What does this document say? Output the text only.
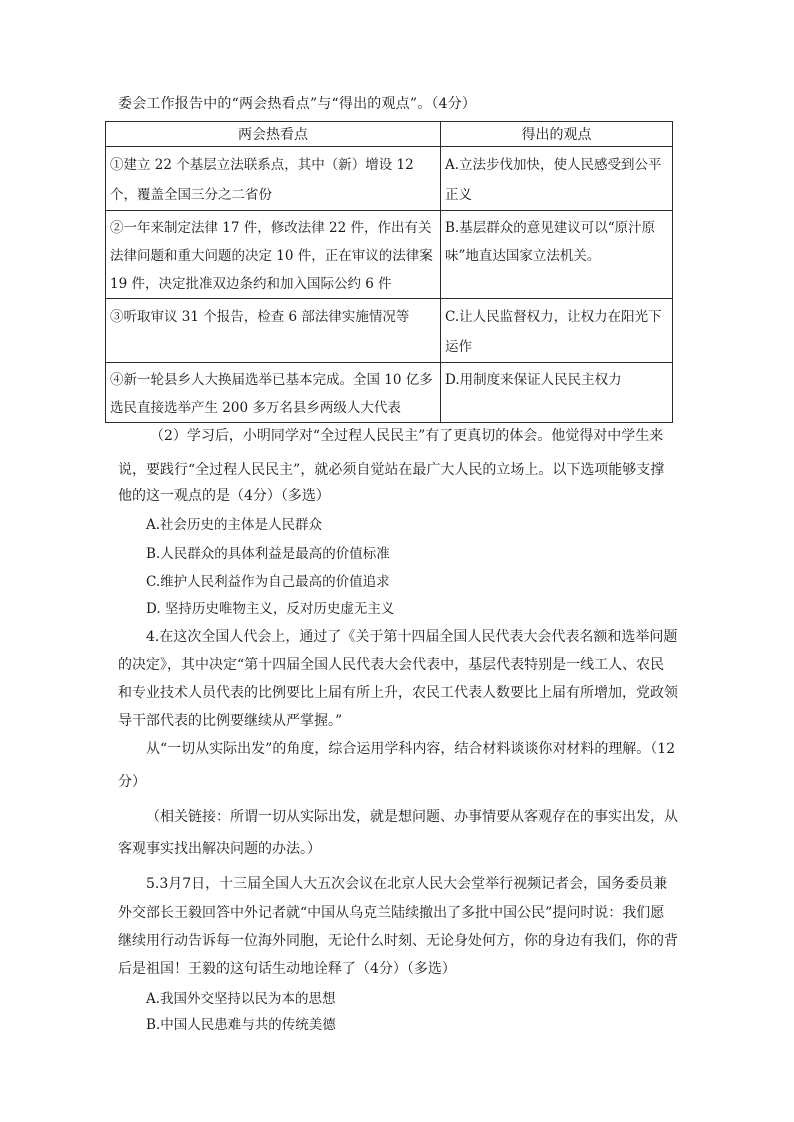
委会工作报告中的“两会热看点”与“得出的观点”。（4分）
两会热看点	得出的观点
①建立 22 个基层立法联系点，其中（新）增设 12 个，覆盖全国三分之二省份	A.立法步伐加快，使人民感受到公平正义
②一年来制定法律 17 件，修改法律 22 件，作出有关法律问题和重大问题的决定 10 件，正在审议的法律案 19 件，决定批准双边条约和加入国际公约 6 件	B.基层群众的意见建议可以“原汁原味”地直达国家立法机关。
③听取审议 31 个报告，检查 6 部法律实施情况等	C.让人民监督权力，让权力在阳光下运作
④新一轮县乡人大换届选举已基本完成。全国 10 亿多选民直接选举产生 200 多万名县乡两级人大代表	D.用制度来保证人民民主权力
（2）学习后，小明同学对“全过程人民民主”有了更真切的体会。他觉得对中学生来
说，要践行“全过程人民民主”，就必须自觉站在最广大人民的立场上。以下选项能够支撑
他的这一观点的是（4分）（多选）
A.社会历史的主体是人民群众
B.人民群众的具体利益是最高的价值标准
C.维护人民利益作为自己最高的价值追求
D. 坚持历史唯物主义，反对历史虚无主义
4.在这次全国人代会上，通过了《关于第十四届全国人民代表大会代表名额和选举问题
的决定》，其中决定“第十四届全国人民代表大会代表中，基层代表特别是一线工人、农民
和专业技术人员代表的比例要比上届有所上升，农民工代表人数要比上届有所增加，党政领
导干部代表的比例要继续从严掌握。”
从“一切从实际出发”的角度，综合运用学科内容，结合材料谈谈你对材料的理解。（12
分）
（相关链接：所谓一切从实际出发，就是想问题、办事情要从客观存在的事实出发，从
客观事实找出解决问题的办法。）
5.3月7日，十三届全国人大五次会议在北京人民大会堂举行视频记者会，国务委员兼
外交部长王毅回答中外记者就“中国从乌克兰陆续撤出了多批中国公民”提问时说：我们愿
继续用行动告诉每一位海外同胞，无论什么时刻、无论身处何方，你的身边有我们，你的背
后是祖国！王毅的这句话生动地诠释了（4分）（多选）
A.我国外交坚持以民为本的思想
B.中国人民患难与共的传统美德
